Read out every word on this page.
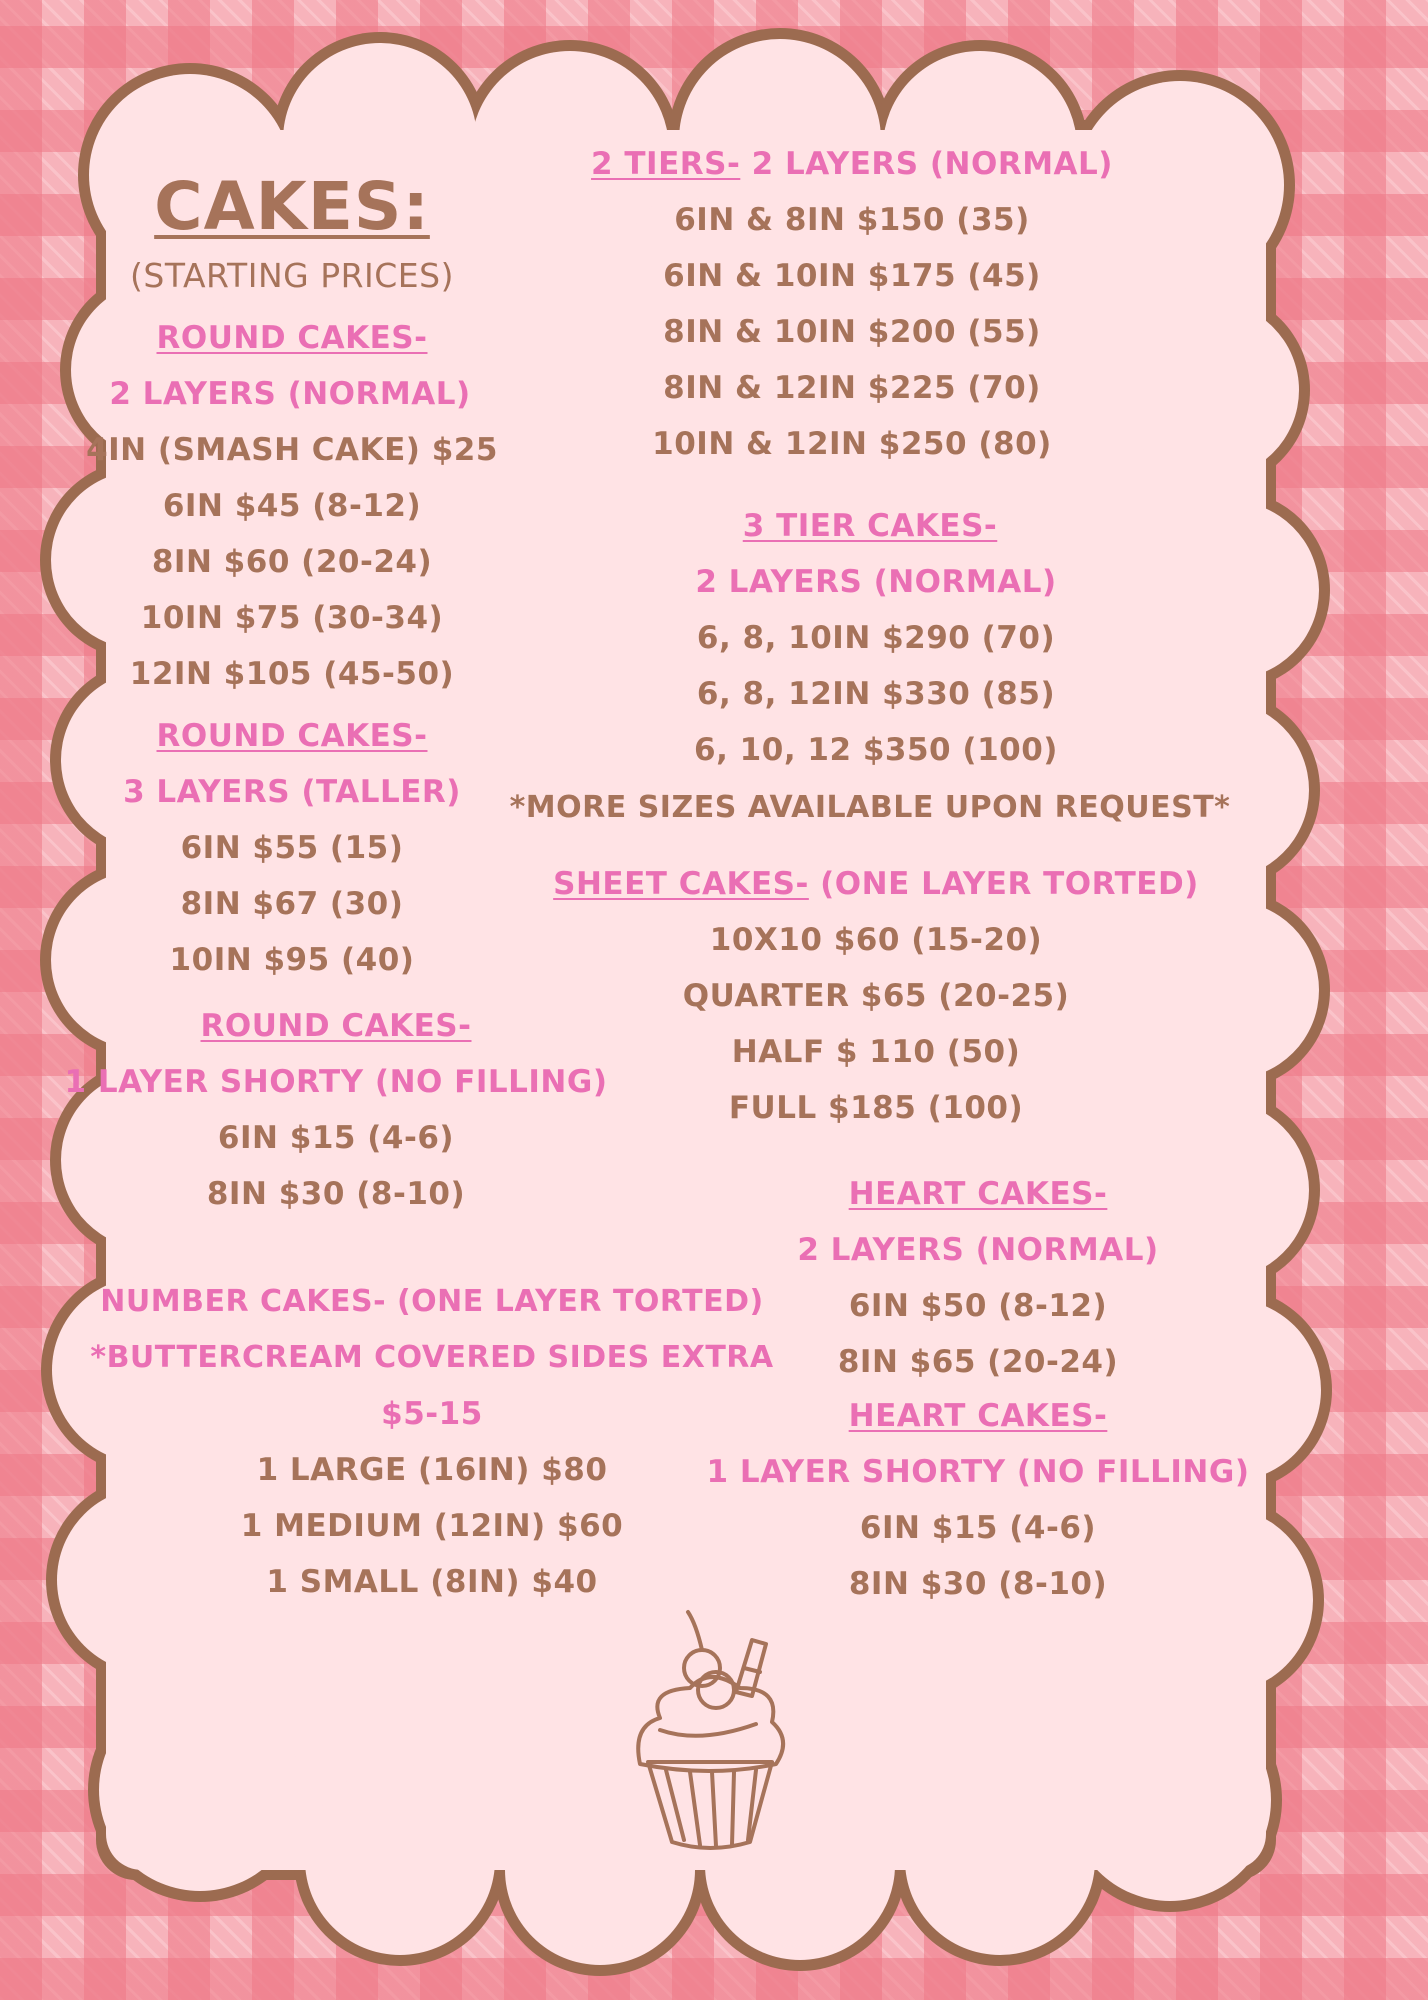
CAKES:
(STARTING PRICES)
ROUND CAKES-
2 LAYERS (NORMAL)
4IN (SMASH CAKE) $25
6IN $45 (8-12)
8IN $60 (20-24)
10IN $75 (30-34)
12IN $105 (45-50)
ROUND CAKES-
3 LAYERS (TALLER)
6IN $55 (15)
8IN $67 (30)
10IN $95 (40)
ROUND CAKES-
1 LAYER SHORTY (NO FILLING)
6IN $15 (4-6)
8IN $30 (8-10)
NUMBER CAKES- (ONE LAYER TORTED)
*BUTTERCREAM COVERED SIDES EXTRA
$5-15
1 LARGE (16IN) $80
1 MEDIUM (12IN) $60
1 SMALL (8IN) $40
2 TIERS- 2 LAYERS (NORMAL)
6IN & 8IN $150 (35)
6IN & 10IN $175 (45)
8IN & 10IN $200 (55)
8IN & 12IN $225 (70)
10IN & 12IN $250 (80)
3 TIER CAKES-
2 LAYERS (NORMAL)
6, 8, 10IN $290 (70)
6, 8, 12IN $330 (85)
6, 10, 12 $350 (100)
*MORE SIZES AVAILABLE UPON REQUEST*
SHEET CAKES- (ONE LAYER TORTED)
10X10 $60 (15-20)
QUARTER $65 (20-25)
HALF $ 110 (50)
FULL $185 (100)
HEART CAKES-
2 LAYERS (NORMAL)
6IN $50 (8-12)
8IN $65 (20-24)
HEART CAKES-
1 LAYER SHORTY (NO FILLING)
6IN $15 (4-6)
8IN $30 (8-10)
